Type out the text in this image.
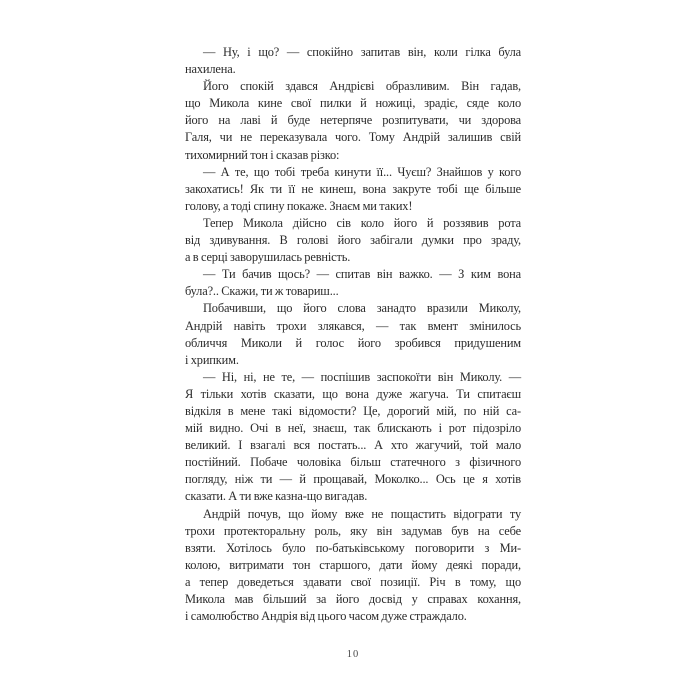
— Ну, і що? — спокійно запитав він, коли гілка була
нахилена.
Його спокій здався Андрієві образливим. Він гадав,
що Микола кине свої пилки й ножиці, зрадіє, сяде коло
його на лаві й буде нетерпяче розпитувати, чи здорова
Галя, чи не переказувала чого. Тому Андрій залишив свій
тихомирний тон і сказав різко:
— А те, що тобі треба кинути її... Чуєш? Знайшов у кого
закохатись! Як ти її не кинеш, вона закруте тобі ще більше
голову, а тоді спину покаже. Знаєм ми таких!
Тепер Микола дійсно сів коло його й роззявив рота
від здивування. В голові його забігали думки про зраду,
а в серці заворушилась ревність.
— Ти бачив щось? — спитав він важко. — З ким вона
була?.. Скажи, ти ж товариш...
Побачивши, що його слова занадто вразили Миколу,
Андрій навіть трохи злякався, — так вмент змінилось
обличчя Миколи й голос його зробився придушеним
і хрипким.
— Ні, ні, не те, — поспішив заспокоїти він Миколу. —
Я тільки хотів сказати, що вона дуже жагуча. Ти спитаєш
відкіля в мене такі відомости? Це, дорогий мій, по ній са-
мій видно. Очі в неї, знаєш, так блискають і рот підозріло
великий. І взагалі вся постать... А хто жагучий, той мало
постійний. Побаче чоловіка більш статечного з фізичного
погляду, ніж ти — й прощавай, Моколко... Ось це я хотів
сказати. А ти вже казна-що вигадав.
Андрій почув, що йому вже не пощастить відограти ту
трохи протекторальну роль, яку він задумав був на себе
взяти. Хотілось було по-батьківському поговорити з Ми-
колою, витримати тон старшого, дати йому деякі поради,
а тепер доведеться здавати свої позиції. Річ в тому, що
Микола мав більший за його досвід у справах кохання,
і самолюбство Андрія від цього часом дуже страждало.
10
